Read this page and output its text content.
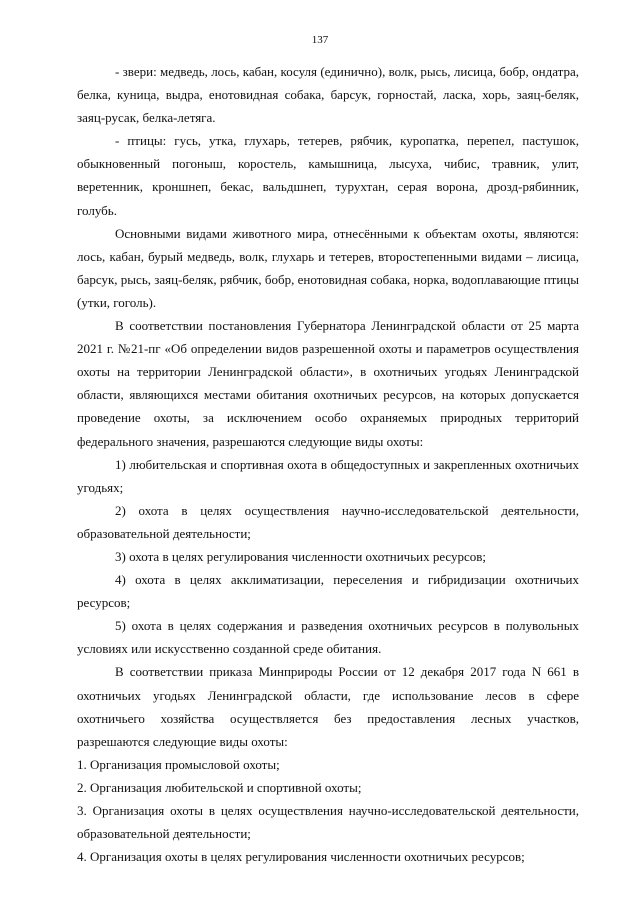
137

- звери: медведь, лось, кабан, косуля (единично), волк, рысь, лисица, бобр, ондатра, белка, куница, выдра, енотовидная собака, барсук, горностай, ласка, хорь, заяц-беляк, заяц-русак, белка-летяга.

- птицы: гусь, утка, глухарь, тетерев, рябчик, куропатка, перепел, пастушок, обыкновенный погоныш, коростель, камышница, лысуха, чибис, травник, улит, веретенник, кроншнеп, бекас, вальдшнеп, турухтан, серая ворона, дрозд-рябинник, голубь.

Основными видами животного мира, отнесёнными к объектам охоты, являются: лось, кабан, бурый медведь, волк, глухарь и тетерев, второстепенными видами – лисица, барсук, рысь, заяц-беляк, рябчик, бобр, енотовидная собака, норка, водоплавающие птицы (утки, гоголь).

В соответствии постановления Губернатора Ленинградской области от 25 марта 2021 г. №21-пг «Об определении видов разрешенной охоты и параметров осуществления охоты на территории Ленинградской области», в охотничьих угодьях Ленинградской области, являющихся местами обитания охотничьих ресурсов, на которых допускается проведение охоты, за исключением особо охраняемых природных территорий федерального значения, разрешаются следующие виды охоты:

1) любительская и спортивная охота в общедоступных и закрепленных охотничьих угодьях;

2) охота в целях осуществления научно-исследовательской деятельности, образовательной деятельности;

3) охота в целях регулирования численности охотничьих ресурсов;

4) охота в целях акклиматизации, переселения и гибридизации охотничьих ресурсов;

5) охота в целях содержания и разведения охотничьих ресурсов в полувольных условиях или искусственно созданной среде обитания.

В соответствии приказа Минприроды России от 12 декабря 2017 года N 661 в охотничьих угодьях Ленинградской области, где использование лесов в сфере охотничьего хозяйства осуществляется без предоставления лесных участков, разрешаются следующие виды охоты:

1. Организация промысловой охоты;

2. Организация любительской и спортивной охоты;

3. Организация охоты в целях осуществления научно-исследовательской деятельности, образовательной деятельности;

4. Организация охоты в целях регулирования численности охотничьих ресурсов;
